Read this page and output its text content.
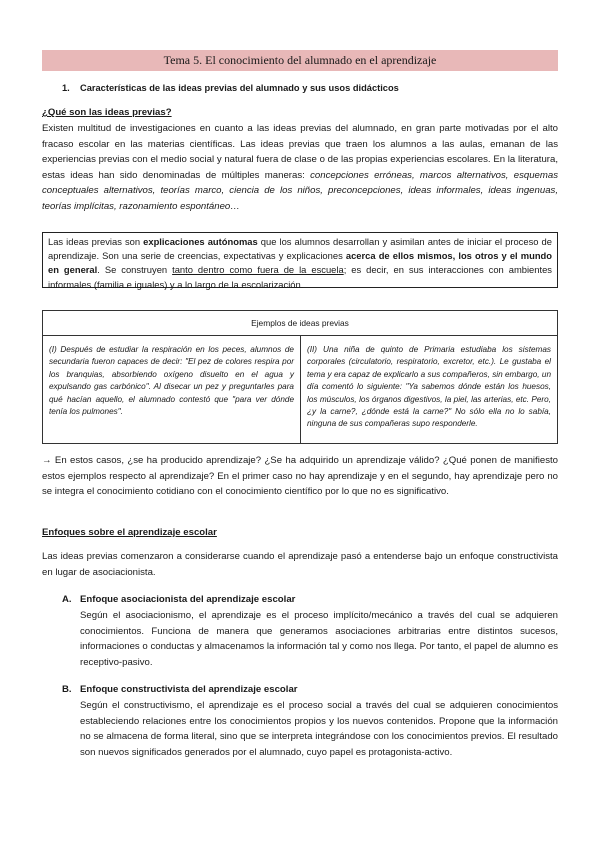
Tema 5. El conocimiento del alumnado en el aprendizaje
1. Características de las ideas previas del alumnado y sus usos didácticos
¿Qué son las ideas previas?
Existen multitud de investigaciones en cuanto a las ideas previas del alumnado, en gran parte motivadas por el alto fracaso escolar en las materias científicas. Las ideas previas que traen los alumnos a las aulas, emanan de las experiencias previas con el medio social y natural fuera de clase o de las propias experiencias escolares. En la literatura, estas ideas han sido denominadas de múltiples maneras: concepciones erróneas, marcos alternativos, esquemas conceptuales alternativos, teorías marco, ciencia de los niños, preconcepciones, ideas informales, ideas ingenuas, teorías implícitas, razonamiento espontáneo…
Las ideas previas son explicaciones autónomas que los alumnos desarrollan y asimilan antes de iniciar el proceso de aprendizaje. Son una serie de creencias, expectativas y explicaciones acerca de ellos mismos, los otros y el mundo en general. Se construyen tanto dentro como fuera de la escuela; es decir, en sus interacciones con ambientes informales (familia e iguales) y a lo largo de la escolarización.
Ejemplos de ideas previas
(I) Después de estudiar la respiración en los peces, alumnos de secundaria fueron capaces de decir: "El pez de colores respira por los branquias, absorbiendo oxígeno disuelto en el agua y expulsando gas carbónico". Al disecar un pez y preguntarles para qué hacían aquello, el alumnado contestó que "para ver dónde tenía los pulmones".
(II) Una niña de quinto de Primaria estudiaba los sistemas corporales (circulatorio, respiratorio, excretor, etc.). Le gustaba el tema y era capaz de explicarlo a sus compañeros, sin embargo, un día comentó lo siguiente: "Ya sabemos dónde están los huesos, los músculos, los órganos digestivos, la piel, las arterias, etc. Pero, ¿y la carne?, ¿dónde está la carne?" No sólo ella no lo sabía, ninguna de sus compañeras supo responderle.
→ En estos casos, ¿se ha producido aprendizaje? ¿Se ha adquirido un aprendizaje válido? ¿Qué ponen de manifiesto estos ejemplos respecto al aprendizaje? En el primer caso no hay aprendizaje y en el segundo, hay aprendizaje pero no se integra el conocimiento cotidiano con el conocimiento científico por lo que no es significativo.
Enfoques sobre el aprendizaje escolar
Las ideas previas comenzaron a considerarse cuando el aprendizaje pasó a entenderse bajo un enfoque constructivista en lugar de asociacionista.
A. Enfoque asociacionista del aprendizaje escolar
Según el asociacionismo, el aprendizaje es el proceso implícito/mecánico a través del cual se adquieren conocimientos. Funciona de manera que generamos asociaciones arbitrarias entre distintos sucesos, informaciones o conductas y almacenamos la información tal y como nos llega. Por tanto, el papel de alumno es receptivo-pasivo.
B. Enfoque constructivista del aprendizaje escolar
Según el constructivismo, el aprendizaje es el proceso social a través del cual se adquieren conocimientos estableciendo relaciones entre los conocimientos propios y los nuevos contenidos. Propone que la información no se almacena de forma literal, sino que se interpreta integrándose con los conocimientos previos. El resultado son nuevos significados generados por el alumnado, cuyo papel es protagonista-activo.
